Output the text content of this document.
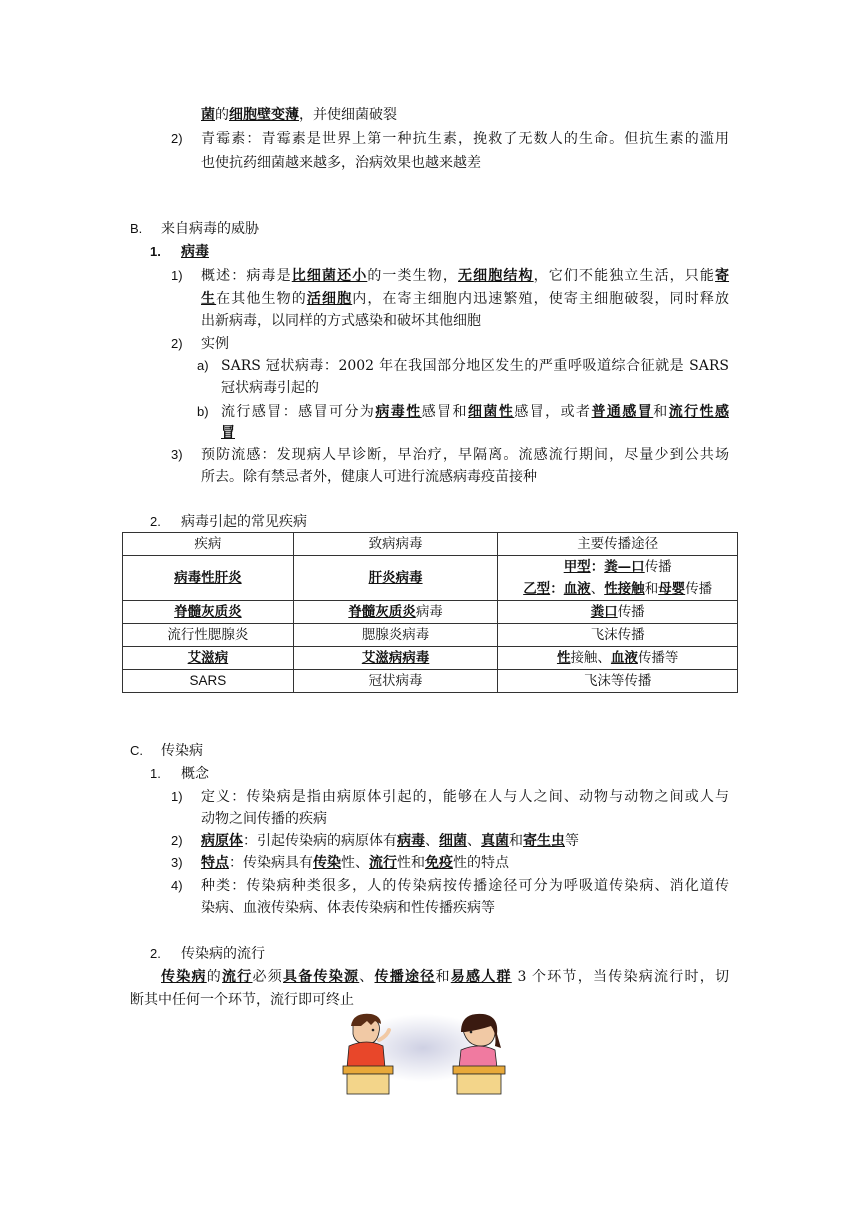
菌的细胞壁变薄，并使细菌破裂
2) 青霉素：青霉素是世界上第一种抗生素，挽救了无数人的生命。但抗生素的滥用
也使抗药细菌越来越多，治病效果也越来越差
B. 来自病毒的威胁
1. 病毒
1) 概述：病毒是比细菌还小的一类生物，无细胞结构，它们不能独立生活，只能寄
生在其他生物的活细胞内，在寄主细胞内迅速繁殖，使寄主细胞破裂，同时释放
出新病毒，以同样的方式感染和破坏其他细胞
2) 实例
a) SARS 冠状病毒：2002 年在我国部分地区发生的严重呼吸道综合征就是 SARS
冠状病毒引起的
b) 流行感冒：感冒可分为病毒性感冒和细菌性感冒，或者普通感冒和流行性感
冒
3) 预防流感：发现病人早诊断，早治疗，早隔离。流感流行期间，尽量少到公共场
所去。除有禁忌者外，健康人可进行流感病毒疫苗接种
2. 病毒引起的常见疾病
疾病	致病病毒	主要传播途径
病毒性肝炎	肝炎病毒	甲型：粪—口传播
乙型：血液、性接触和母婴传播

脊髓灰质炎	脊髓灰质炎病毒	粪口传播
流行性腮腺炎	腮腺炎病毒	飞沫传播
艾滋病	艾滋病病毒	性接触、血液传播等
SARS	冠状病毒	飞沫等传播
C. 传染病
1. 概念
1) 定义：传染病是指由病原体引起的，能够在人与人之间、动物与动物之间或人与
动物之间传播的疾病
2) 病原体：引起传染病的病原体有病毒、细菌、真菌和寄生虫等
3) 特点：传染病具有传染性、流行性和免疫性的特点
4) 种类：传染病种类很多，人的传染病按传播途径可分为呼吸道传染病、消化道传
染病、血液传染病、体表传染病和性传播疾病等
2. 传染病的流行
传染病的流行必须具备传染源、传播途径和易感人群 3 个环节，当传染病流行时，切
断其中任何一个环节，流行即可终止
